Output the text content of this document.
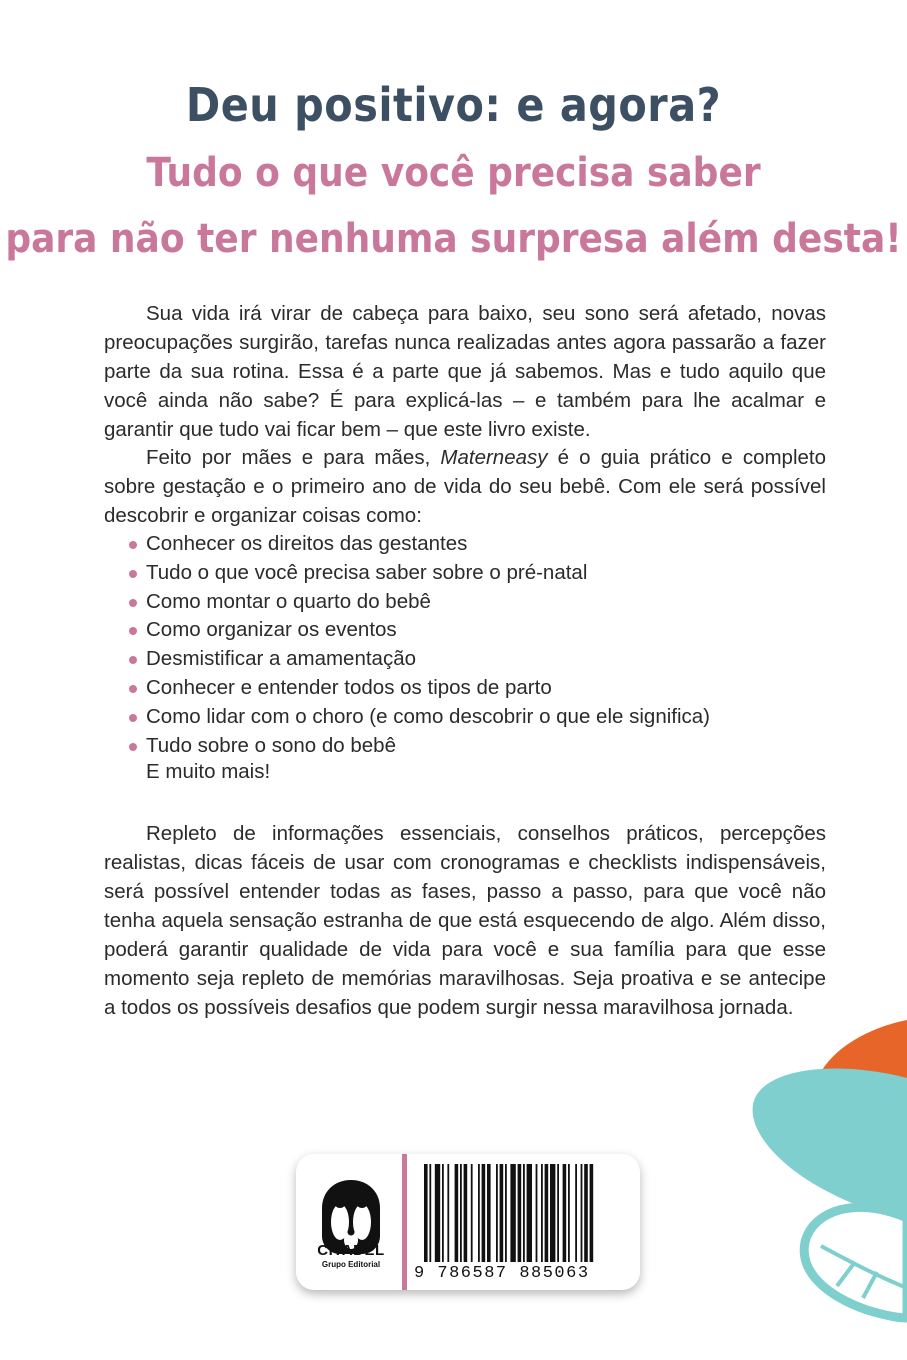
Deu positivo: e agora?
Tudo o que você precisa saber
para não ter nenhuma surpresa além desta!

Sua vida irá virar de cabeça para baixo, seu sono será afetado, novas preocupações surgirão, tarefas nunca realizadas antes agora passarão a fazer parte da sua rotina. Essa é a parte que já sabemos. Mas e tudo aquilo que você ainda não sabe? É para explicá-las – e também para lhe acalmar e garantir que tudo vai ficar bem – que este livro existe.

Feito por mães e para mães, Materneasy é o guia prático e completo sobre gestação e o primeiro ano de vida do seu bebê. Com ele será possível descobrir e organizar coisas como:

Conhecer os direitos das gestantes
Tudo o que você precisa saber sobre o pré-natal
Como montar o quarto do bebê
Como organizar os eventos
Desmistificar a amamentação
Conhecer e entender todos os tipos de parto
Como lidar com o choro (e como descobrir o que ele significa)
Tudo sobre o sono do bebê
E muito mais!

Repleto de informações essenciais, conselhos práticos, percepções realistas, dicas fáceis de usar com cronogramas e checklists indispensáveis, será possível entender todas as fases, passo a passo, para que você não tenha aquela sensação estranha de que está esquecendo de algo. Além disso, poderá garantir qualidade de vida para você e sua família para que esse momento seja repleto de memórias maravilhosas. Seja proativa e se antecipe a todos os possíveis desafios que podem surgir nessa maravilhosa jornada.

CITADEL
Grupo Editorial	9 786587 885063
